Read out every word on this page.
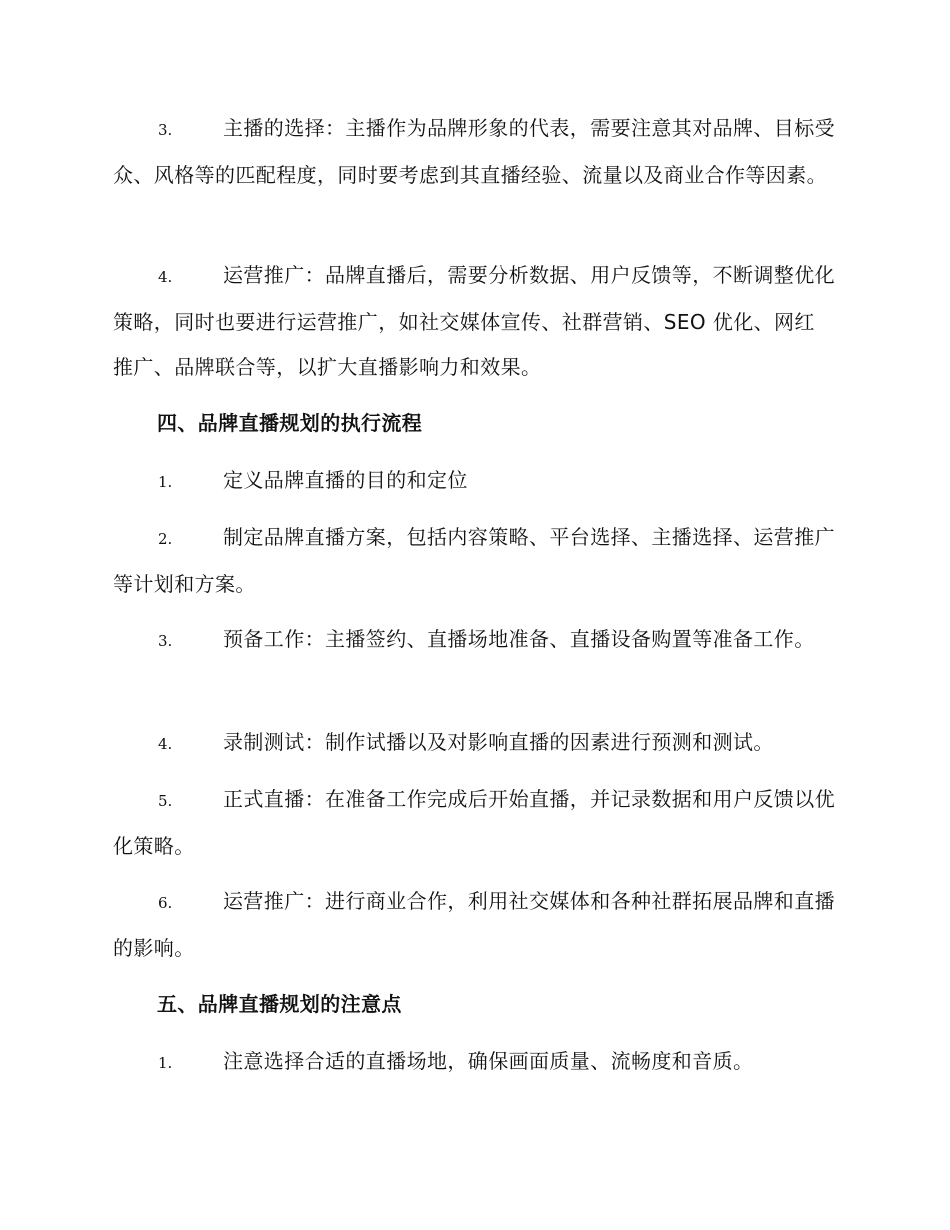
3.	主播的选择：主播作为品牌形象的代表，需要注意其对品牌、目标受众、风格等的匹配程度，同时要考虑到其直播经验、流量以及商业合作等因素。

4.	运营推广：品牌直播后，需要分析数据、用户反馈等，不断调整优化策略，同时也要进行运营推广，如社交媒体宣传、社群营销、SEO 优化、网红推广、品牌联合等，以扩大直播影响力和效果。

四、品牌直播规划的执行流程

1.	定义品牌直播的目的和定位

2.	制定品牌直播方案，包括内容策略、平台选择、主播选择、运营推广等计划和方案。

3.	预备工作：主播签约、直播场地准备、直播设备购置等准备工作。

4.	录制测试：制作试播以及对影响直播的因素进行预测和测试。

5.	正式直播：在准备工作完成后开始直播，并记录数据和用户反馈以优化策略。

6.	运营推广：进行商业合作，利用社交媒体和各种社群拓展品牌和直播的影响。

五、品牌直播规划的注意点

1.	注意选择合适的直播场地，确保画面质量、流畅度和音质。
